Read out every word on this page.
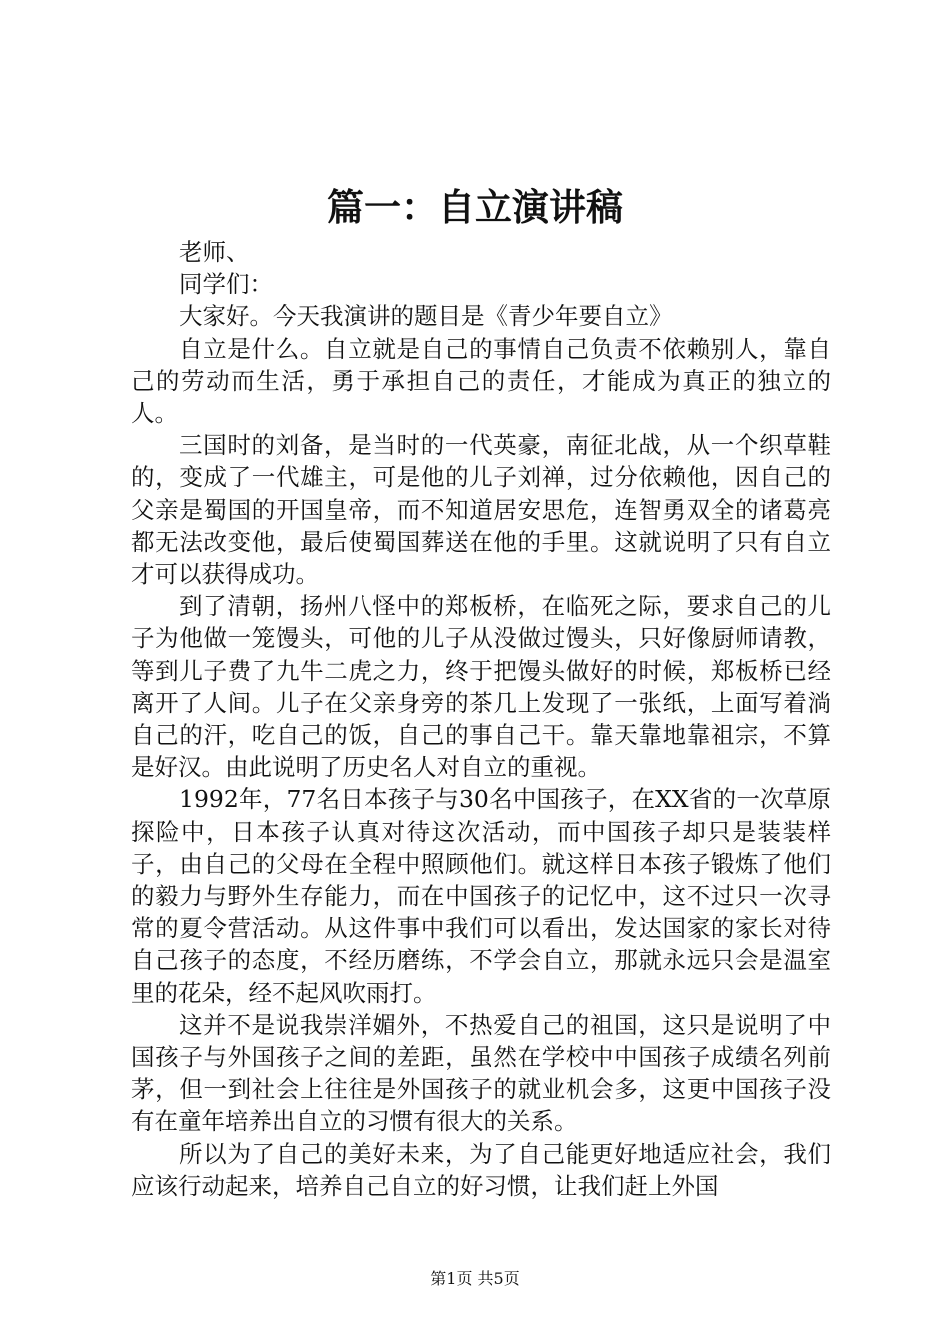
篇一：自立演讲稿

老师、

同学们：

大家好。今天我演讲的题目是《青少年要自立》

自立是什么。自立就是自己的事情自己负责不依赖别人，靠自己的劳动而生活，勇于承担自己的责任，才能成为真正的独立的人。

三国时的刘备，是当时的一代英豪，南征北战，从一个织草鞋的，变成了一代雄主，可是他的儿子刘禅，过分依赖他，因自己的父亲是蜀国的开国皇帝，而不知道居安思危，连智勇双全的诸葛亮都无法改变他，最后使蜀国葬送在他的手里。这就说明了只有自立才可以获得成功。

到了清朝，扬州八怪中的郑板桥，在临死之际，要求自己的儿子为他做一笼馒头，可他的儿子从没做过馒头，只好像厨师请教，等到儿子费了九牛二虎之力，终于把馒头做好的时候，郑板桥已经离开了人间。儿子在父亲身旁的茶几上发现了一张纸，上面写着淌自己的汗，吃自己的饭，自己的事自己干。靠天靠地靠祖宗，不算是好汉。由此说明了历史名人对自立的重视。

1992年，77名日本孩子与30名中国孩子，在XX省的一次草原探险中，日本孩子认真对待这次活动，而中国孩子却只是装装样子，由自己的父母在全程中照顾他们。就这样日本孩子锻炼了他们的毅力与野外生存能力，而在中国孩子的记忆中，这不过只一次寻常的夏令营活动。从这件事中我们可以看出，发达国家的家长对待自己孩子的态度，不经历磨练，不学会自立，那就永远只会是温室里的花朵，经不起风吹雨打。

这并不是说我崇洋媚外，不热爱自己的祖国，这只是说明了中国孩子与外国孩子之间的差距，虽然在学校中中国孩子成绩名列前茅，但一到社会上往往是外国孩子的就业机会多，这更中国孩子没有在童年培养出自立的习惯有很大的关系。

所以为了自己的美好未来，为了自己能更好地适应社会，我们应该行动起来，培养自己自立的好习惯，让我们赶上外国

第1页 共5页
